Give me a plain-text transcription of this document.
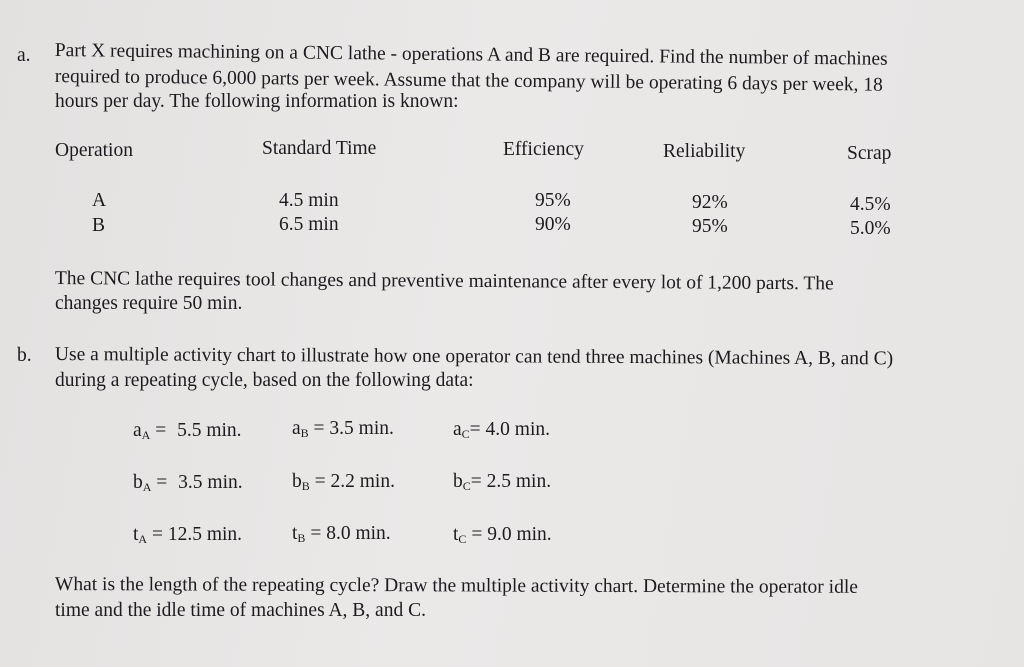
a. Part X requires machining on a CNC lathe - operations A and B are required. Find the number of machines
required to produce 6,000 parts per week. Assume that the company will be operating 6 days per week, 18
hours per day. The following information is known:
Operation	Standard Time	Efficiency	Reliability	Scrap
A	4.5 min	95%	92%	4.5%
B	6.5 min	90%	95%	5.0%
The CNC lathe requires tool changes and preventive maintenance after every lot of 1,200 parts. The
changes require 50 min.
b. Use a multiple activity chart to illustrate how one operator can tend three machines (Machines A, B, and C)
during a repeating cycle, based on the following data:
$a_A = 5.5$ min.	$a_B = 3.5$ min.	$a_C= 4.0$ min.
$b_A = 3.5$ min.	$b_B = 2.2$ min.	$b_C= 2.5$ min.
$t_A = 12.5$ min.	$t_B = 8.0$ min.	$t_C = 9.0$ min.
What is the length of the repeating cycle? Draw the multiple activity chart. Determine the operator idle
time and the idle time of machines A, B, and C.
